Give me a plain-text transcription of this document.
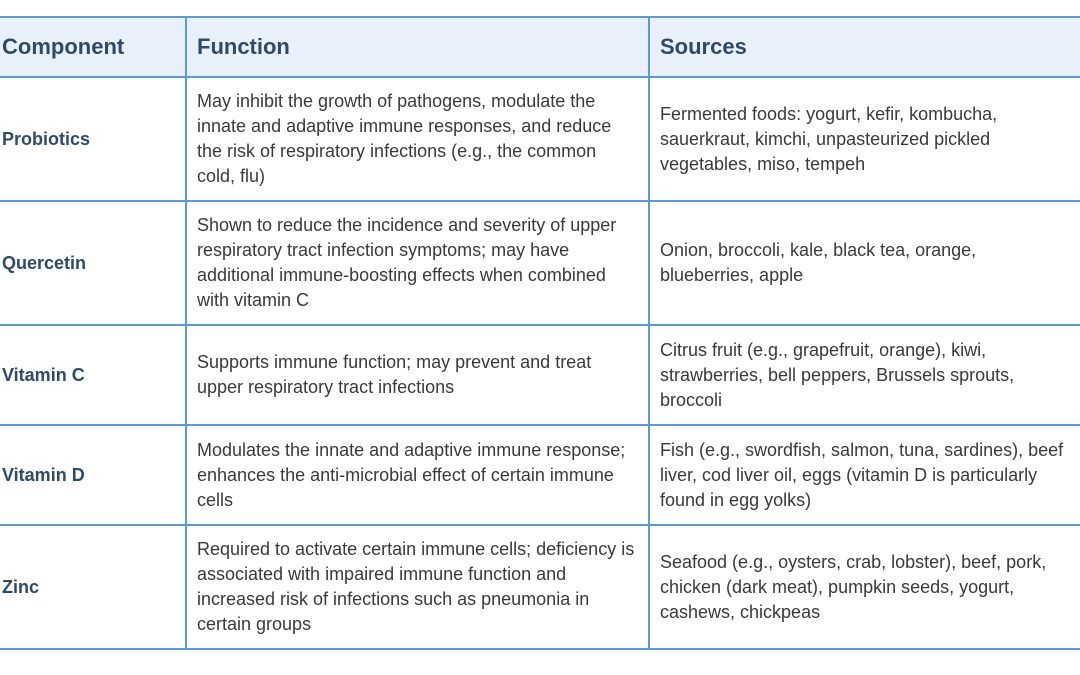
Component	Function	Sources
Probiotics	May inhibit the growth of pathogens, modulate the innate and adaptive immune responses, and reduce the risk of respiratory infections (e.g., the common cold, flu)	Fermented foods: yogurt, kefir, kombucha, sauerkraut, kimchi, unpasteurized pickled vegetables, miso, tempeh
Quercetin	Shown to reduce the incidence and severity of upper respiratory tract infection symptoms; may have additional immune-boosting effects when combined with vitamin C	Onion, broccoli, kale, black tea, orange, blueberries, apple
Vitamin C	Supports immune function; may prevent and treat upper respiratory tract infections	Citrus fruit (e.g., grapefruit, orange), kiwi, strawberries, bell peppers, Brussels sprouts, broccoli
Vitamin D	Modulates the innate and adaptive immune response; enhances the anti-microbial effect of certain immune cells	Fish (e.g., swordfish, salmon, tuna, sardines), beef liver, cod liver oil, eggs (vitamin D is particularly found in egg yolks)
Zinc	Required to activate certain immune cells; deficiency is associated with impaired immune function and increased risk of infections such as pneumonia in certain groups	Seafood (e.g., oysters, crab, lobster), beef, pork, chicken (dark meat), pumpkin seeds, yogurt, cashews, chickpeas
